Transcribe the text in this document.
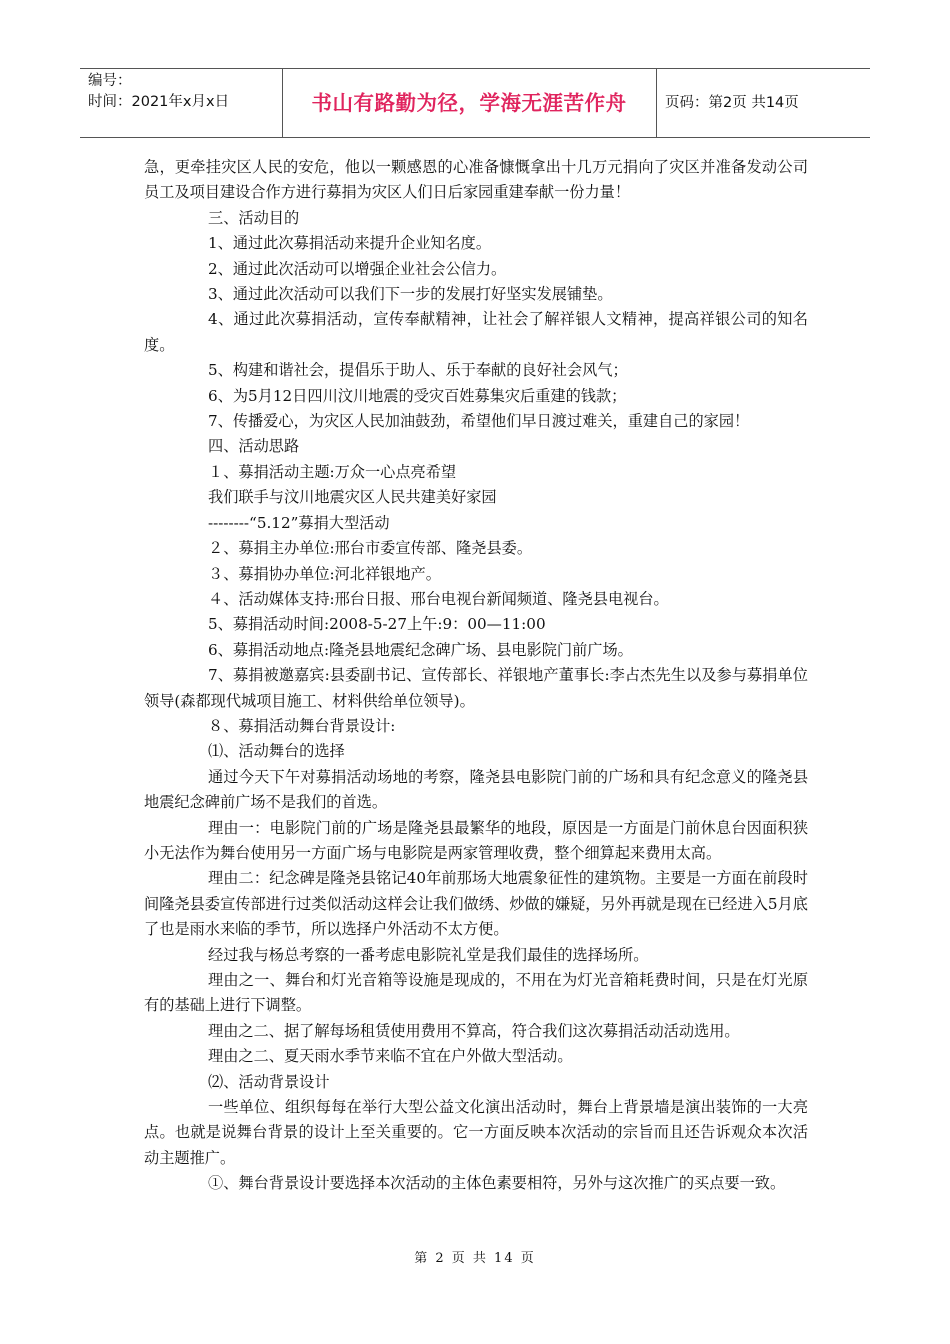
编号：
时间：2021年x月x日	书山有路勤为径，学海无涯苦作舟	页码：第2页 共14页

急，更牵挂灾区人民的安危，他以一颗感恩的心准备慷慨拿出十几万元捐向了灾区并准备发动公司员工及项目建设合作方进行募捐为灾区人们日后家园重建奉献一份力量！

三、活动目的

1、通过此次募捐活动来提升企业知名度。

2、通过此次活动可以增强企业社会公信力。

3、通过此次活动可以我们下一步的发展打好坚实发展铺垫。

4、通过此次募捐活动，宣传奉献精神，让社会了解祥银人文精神，提高祥银公司的知名度。

5、构建和谐社会，提倡乐于助人、乐于奉献的良好社会风气；

6、为5月12日四川汶川地震的受灾百姓募集灾后重建的钱款；

7、传播爱心，为灾区人民加油鼓劲，希望他们早日渡过难关，重建自己的家园！

四、活动思路

１、募捐活动主题:万众一心点亮希望

我们联手与汶川地震灾区人民共建美好家园

--------“5.12”募捐大型活动

２、募捐主办单位:邢台市委宣传部、隆尧县委。

３、募捐协办单位:河北祥银地产。

４、活动媒体支持:邢台日报、邢台电视台新闻频道、隆尧县电视台。

5、募捐活动时间:2008-5-27上午:9：00—11:00

6、募捐活动地点:隆尧县地震纪念碑广场、县电影院门前广场。

7、募捐被邀嘉宾:县委副书记、宣传部长、祥银地产董事长:李占杰先生以及参与募捐单位领导(森都现代城项目施工、材料供给单位领导)。

８、募捐活动舞台背景设计:

⑴、活动舞台的选择

通过今天下午对募捐活动场地的考察，隆尧县电影院门前的广场和具有纪念意义的隆尧县地震纪念碑前广场不是我们的首选。

理由一：电影院门前的广场是隆尧县最繁华的地段，原因是一方面是门前休息台因面积狭小无法作为舞台使用另一方面广场与电影院是两家管理收费，整个细算起来费用太高。

理由二：纪念碑是隆尧县铭记40年前那场大地震象征性的建筑物。主要是一方面在前段时间隆尧县委宣传部进行过类似活动这样会让我们做绣、炒做的嫌疑，另外再就是现在已经进入5月底了也是雨水来临的季节，所以选择户外活动不太方便。

经过我与杨总考察的一番考虑电影院礼堂是我们最佳的选择场所。

理由之一、舞台和灯光音箱等设施是现成的，不用在为灯光音箱耗费时间，只是在灯光原有的基础上进行下调整。

理由之二、据了解每场租赁使用费用不算高，符合我们这次募捐活动活动选用。

理由之二、夏天雨水季节来临不宜在户外做大型活动。

⑵、活动背景设计

一些单位、组织每每在举行大型公益文化演出活动时，舞台上背景墙是演出装饰的一大亮点。也就是说舞台背景的设计上至关重要的。它一方面反映本次活动的宗旨而且还告诉观众本次活动主题推广。

①、舞台背景设计要选择本次活动的主体色素要相符，另外与这次推广的买点要一致。

第 2 页 共 14 页
